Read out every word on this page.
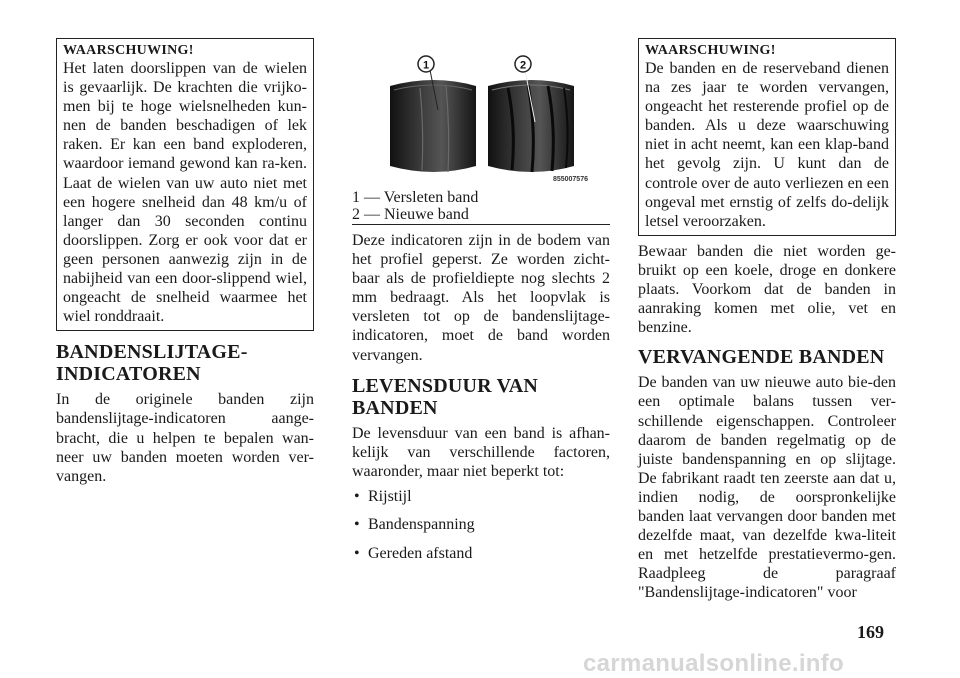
WAARSCHUWING!
Het laten doorslippen van de wielen is gevaarlijk. De krachten die vrijko-men bij te hoge wielsnelheden kun-nen de banden beschadigen of lek raken. Er kan een band exploderen, waardoor iemand gewond kan ra-ken. Laat de wielen van uw auto niet met een hogere snelheid dan 48 km/u of langer dan 30 seconden continu doorslippen. Zorg er ook voor dat er geen personen aanwezig zijn in de nabijheid van een door-slippend wiel, ongeacht de snelheid waarmee het wiel ronddraait.
BANDENSLIJTAGE-
INDICATOREN

In de originele banden zijn bandenslijtage-indicatoren aange-bracht, die u helpen te bepalen wan-neer uw banden moeten worden ver-vangen.

1	2
855007576
1 — Versleten band
2 — Nieuwe band

Deze indicatoren zijn in de bodem van het profiel geperst. Ze worden zicht-baar als de profieldiepte nog slechts 2 mm bedraagt. Als het loopvlak is versleten tot op de bandenslijtage-indicatoren, moet de band worden vervangen.

LEVENSDUUR VAN
BANDEN

De levensduur van een band is afhan-kelijk van verschillende factoren, waaronder, maar niet beperkt tot:

• Rijstijl
• Bandenspanning
• Gereden afstand
WAARSCHUWING!
De banden en de reserveband dienen na zes jaar te worden vervangen, ongeacht het resterende profiel op de banden. Als u deze waarschuwing niet in acht neemt, kan een klap-band het gevolg zijn. U kunt dan de controle over de auto verliezen en een ongeval met ernstig of zelfs do-delijk letsel veroorzaken.

Bewaar banden die niet worden ge-bruikt op een koele, droge en donkere plaats. Voorkom dat de banden in aanraking komen met olie, vet en benzine.

VERVANGENDE BANDEN

De banden van uw nieuwe auto bie-den een optimale balans tussen ver-schillende eigenschappen. Controleer daarom de banden regelmatig op de juiste bandenspanning en op slijtage. De fabrikant raadt ten zeerste aan dat u, indien nodig, de oorspronkelijke banden laat vervangen door banden met dezelfde maat, van dezelfde kwa-liteit en met hetzelfde prestatievermo-gen. Raadpleeg de paragraaf "Bandenslijtage-indicatoren" voor

169
carmanualsonline.info
